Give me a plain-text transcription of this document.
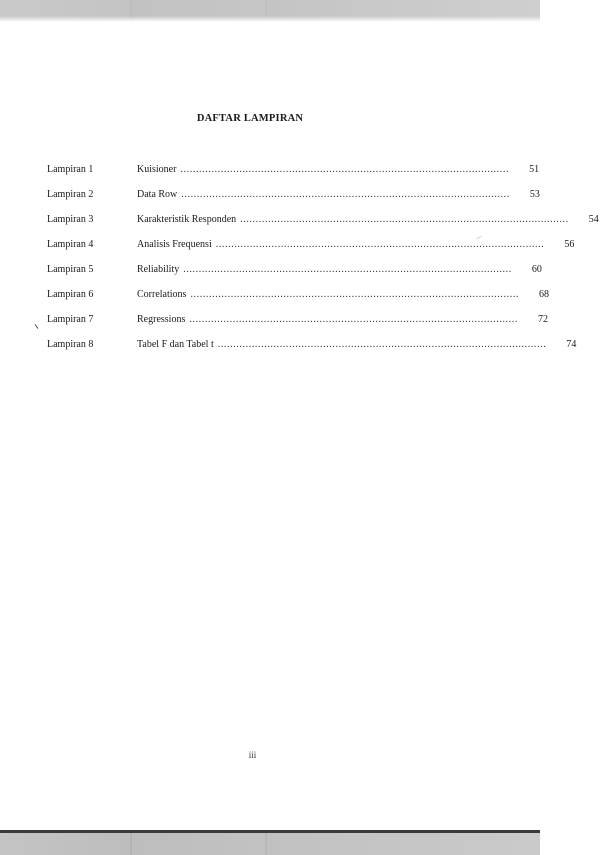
DAFTAR LAMPIRAN
Lampiran 1	Kuisioner ..........................................................................................................	51
Lampiran 2	Data Row ..........................................................................................................	53
Lampiran 3	Karakteristik Responden ..........................................................................................................	54
Lampiran 4	Analisis Frequensi ..........................................................................................................	56
Lampiran 5	Reliability ..........................................................................................................	60
Lampiran 6	Correlations ..........................................................................................................	68
Lampiran 7	Regressions ..........................................................................................................	72
Lampiran 8	Tabel F dan Tabel t ..........................................................................................................	74
iii
